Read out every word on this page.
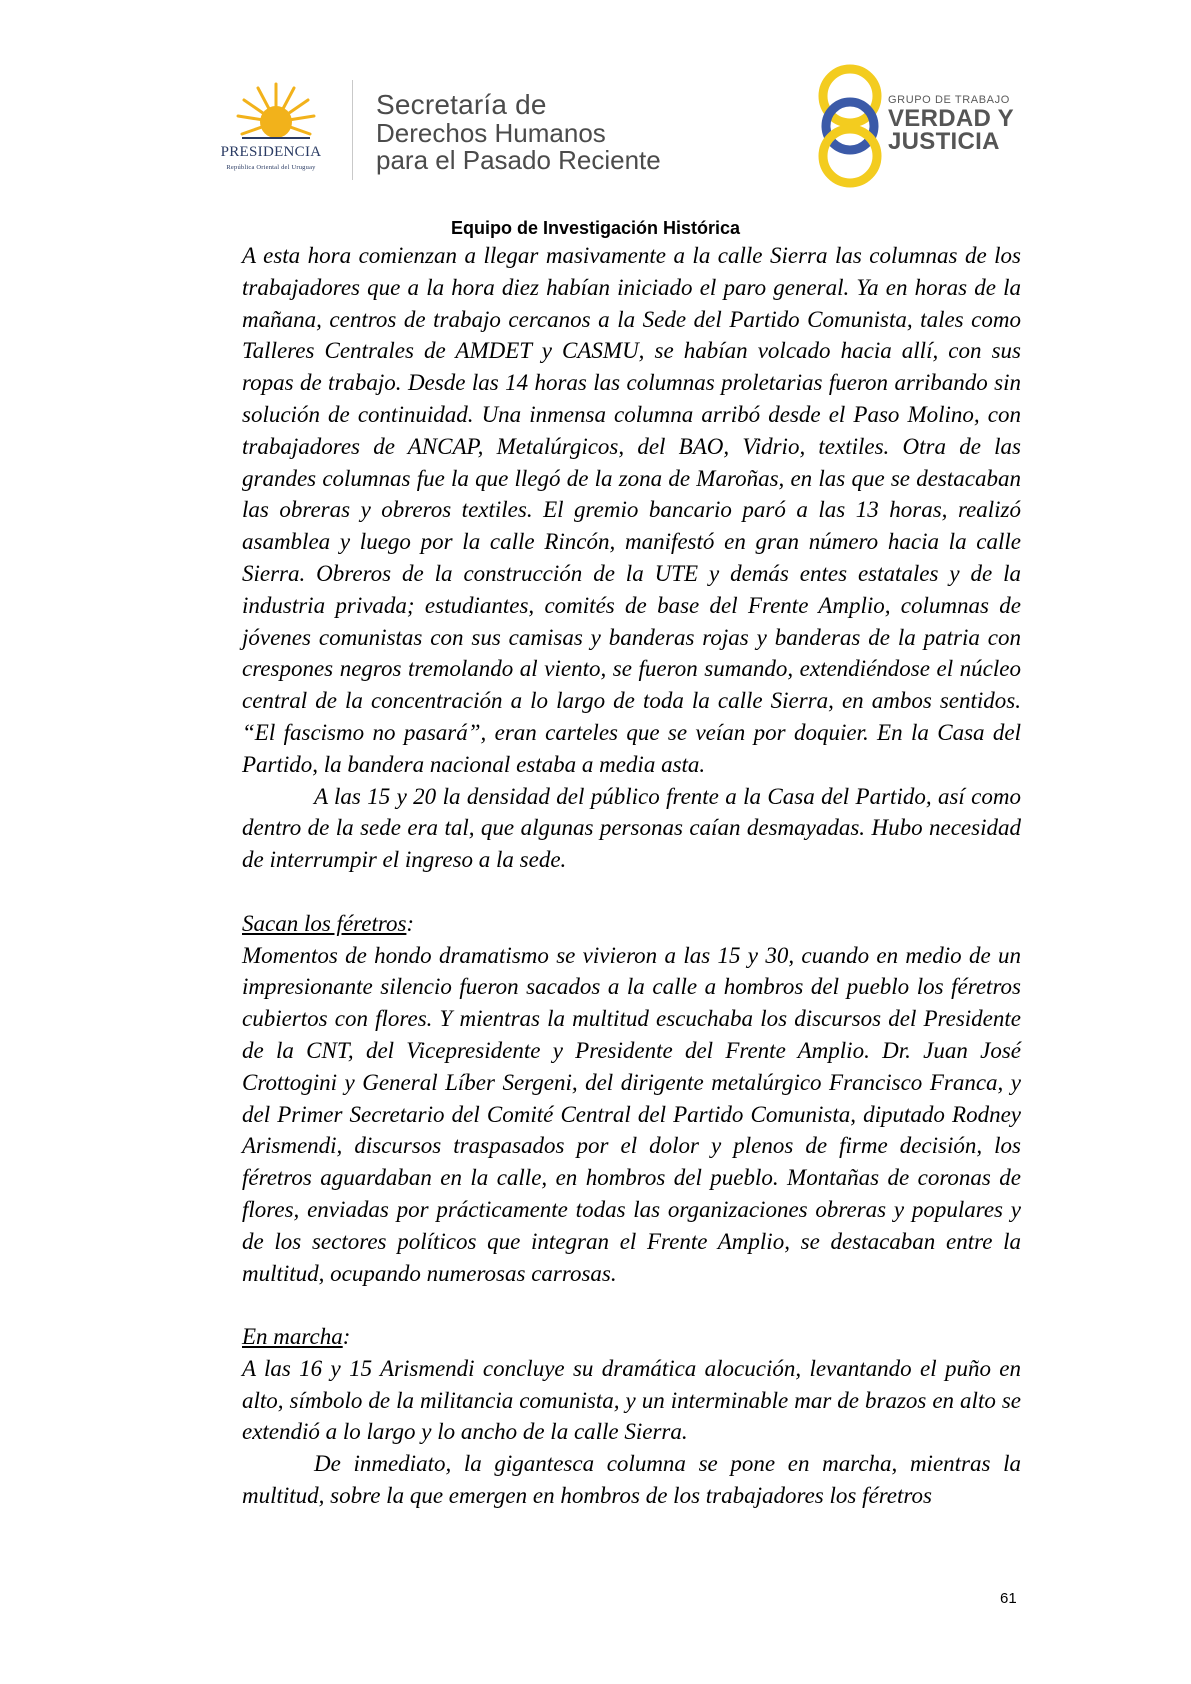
PRESIDENCIA
República Oriental del Uruguay
Secretaría de
Derechos Humanos
para el Pasado Reciente
GRUPO DE TRABAJO
VERDAD Y
JUSTICIA
Equipo de Investigación Histórica

A esta hora comienzan a llegar masivamente a la calle Sierra las columnas de los trabajadores que a la hora diez habían iniciado el paro general. Ya en horas de la mañana, centros de trabajo cercanos a la Sede del Partido Comunista, tales como Talleres Centrales de AMDET y CASMU, se habían volcado hacia allí, con sus ropas de trabajo. Desde las 14 horas las columnas proletarias fueron arribando sin solución de continuidad. Una inmensa columna arribó desde el Paso Molino, con trabajadores de ANCAP, Metalúrgicos, del BAO, Vidrio, textiles. Otra de las grandes columnas fue la que llegó de la zona de Maroñas, en las que se destacaban las obreras y obreros textiles. El gremio bancario paró a las 13 horas, realizó asamblea y luego por la calle Rincón, manifestó en gran número hacia la calle Sierra. Obreros de la construcción de la UTE y demás entes estatales y de la industria privada; estudiantes, comités de base del Frente Amplio, columnas de jóvenes comunistas con sus camisas y banderas rojas y banderas de la patria con crespones negros tremolando al viento, se fueron sumando, extendiéndose el núcleo central de la concentración a lo largo de toda la calle Sierra, en ambos sentidos. “El fascismo no pasará”, eran carteles que se veían por doquier. En la Casa del Partido, la bandera nacional estaba a media asta.

A las 15 y 20 la densidad del público frente a la Casa del Partido, así como dentro de la sede era tal, que algunas personas caían desmayadas. Hubo necesidad de interrumpir el ingreso a la sede.

Sacan los féretros:

Momentos de hondo dramatismo se vivieron a las 15 y 30, cuando en medio de un impresionante silencio fueron sacados a la calle a hombros del pueblo los féretros cubiertos con flores. Y mientras la multitud escuchaba los discursos del Presidente de la CNT, del Vicepresidente y Presidente del Frente Amplio. Dr. Juan José Crottogini y General Líber Sergeni, del dirigente metalúrgico Francisco Franca, y del Primer Secretario del Comité Central del Partido Comunista, diputado Rodney Arismendi, discursos traspasados por el dolor y plenos de firme decisión, los féretros aguardaban en la calle, en hombros del pueblo. Montañas de coronas de flores, enviadas por prácticamente todas las organizaciones obreras y populares y de los sectores políticos que integran el Frente Amplio, se destacaban entre la multitud, ocupando numerosas carrosas.

En marcha:

A las 16 y 15 Arismendi concluye su dramática alocución, levantando el puño en alto, símbolo de la militancia comunista, y un interminable mar de brazos en alto se extendió a lo largo y lo ancho de la calle Sierra.

De inmediato, la gigantesca columna se pone en marcha, mientras la multitud, sobre la que emergen en hombros de los trabajadores los féretros

61
